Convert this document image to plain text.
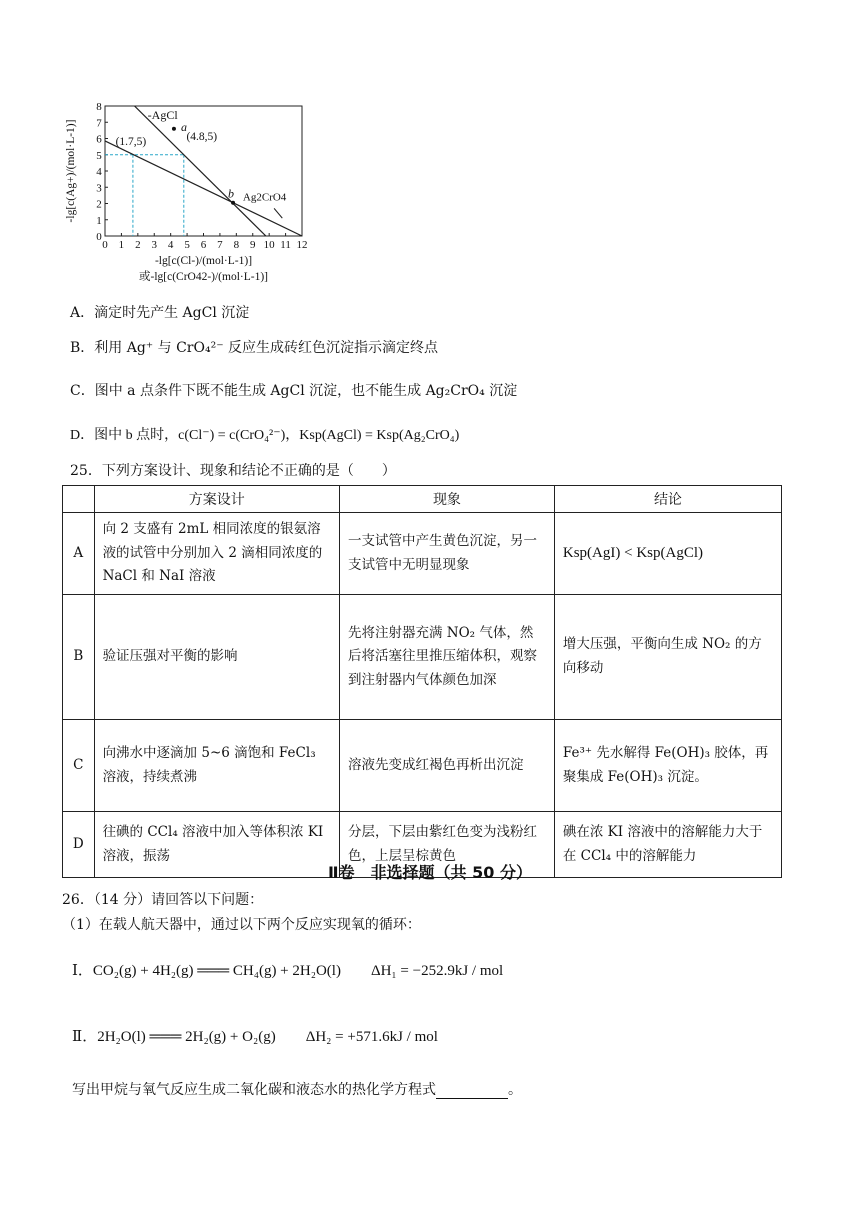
0 1 2 3 4 5 6 7 8 9 10 11 12
0
1
2
3
4
5
6
7
8
a
b
-AgCl
(1.7,5)	(4.8,5)
Ag2CrO4
-lg[c(Ag+)/(mol·L-1)]
-lg[c(Cl-)/(mol·L-1)]
或-lg[c(CrO42-)/(mol·L-1)]
A．滴定时先产生 AgCl 沉淀
B．利用 Ag⁺ 与 CrO₄²⁻ 反应生成砖红色沉淀指示滴定终点
C．图中 a 点条件下既不能生成 AgCl 沉淀，也不能生成 Ag₂CrO₄ 沉淀
D．图中 b 点时，c(Cl⁻) = c(CrO₄²⁻)，Ksp(AgCl) = Ksp(Ag₂CrO₄)
25．下列方案设计、现象和结论不正确的是（　　）
	方案设计	现象	结论
A	向 2 支盛有 2mL 相同浓度的银氨溶液的试管中分别加入 2 滴相同浓度的 NaCl 和 NaI 溶液	一支试管中产生黄色沉淀，另一支试管中无明显现象	Ksp(AgI) < Ksp(AgCl)
B	验证压强对平衡的影响	先将注射器充满 NO₂ 气体，然后将活塞往里推压缩体积，观察到注射器内气体颜色加深	增大压强，平衡向生成 NO₂ 的方向移动
C	向沸水中逐滴加 5~6 滴饱和 FeCl₃ 溶液，持续煮沸	溶液先变成红褐色再析出沉淀	Fe³⁺ 先水解得 Fe(OH)₃ 胶体，再聚集成 Fe(OH)₃ 沉淀。
D	往碘的 CCl₄ 溶液中加入等体积浓 KI 溶液，振荡	分层，下层由紫红色变为浅粉红色，上层呈棕黄色	碘在浓 KI 溶液中的溶解能力大于在 CCl₄ 中的溶解能力
Ⅱ卷　非选择题（共 50 分）
26．（14 分）请回答以下问题：
（1）在载人航天器中，通过以下两个反应实现氧的循环：
Ⅰ．CO₂(g) + 4H₂(g) ═══ CH₄(g) + 2H₂O(l)　　ΔH₁ = −252.9kJ / mol
Ⅱ．2H₂O(l) ═══ 2H₂(g) + O₂(g)　　ΔH₂ = +571.6kJ / mol
写出甲烷与氧气反应生成二氧化碳和液态水的热化学方程式	。
